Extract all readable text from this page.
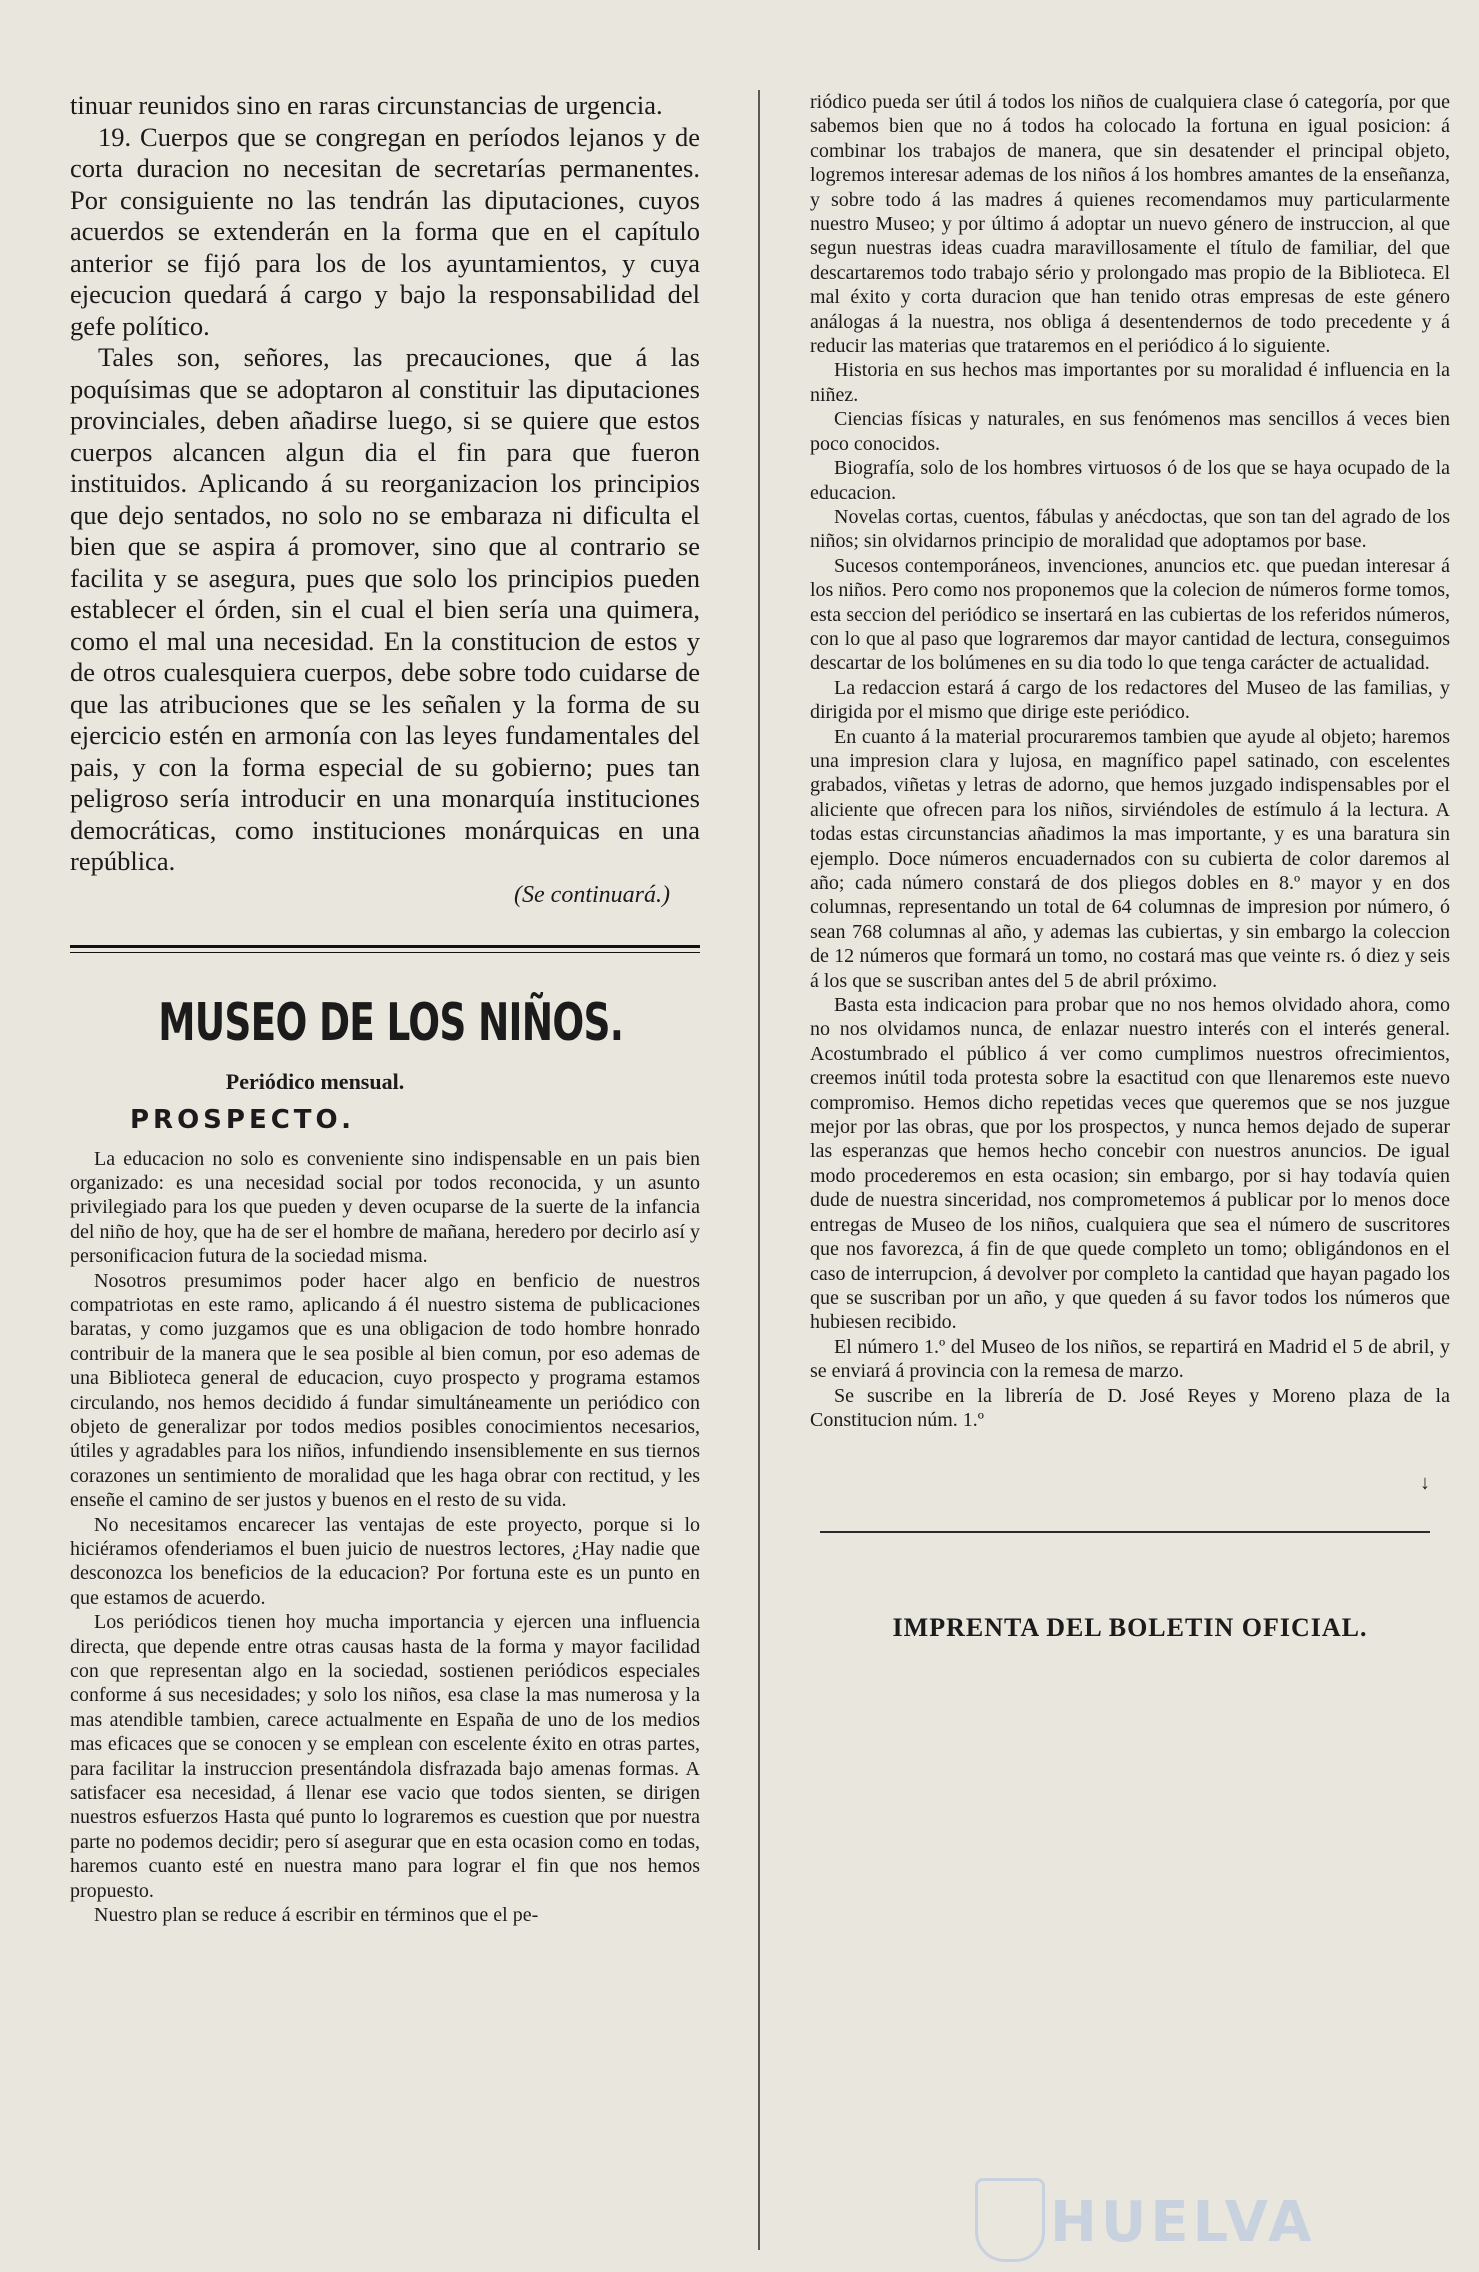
tinuar reunidos sino en raras circunstancias de urgencia.

19. Cuerpos que se congregan en períodos lejanos y de corta duracion no necesitan de secretarías permanentes. Por consiguiente no las tendrán las diputaciones, cuyos acuerdos se extenderán en la forma que en el capítulo anterior se fijó para los de los ayuntamientos, y cuya ejecucion quedará á cargo y bajo la responsabilidad del gefe político.

Tales son, señores, las precauciones, que á las poquísimas que se adoptaron al constituir las diputaciones provinciales, deben añadirse luego, si se quiere que estos cuerpos alcancen algun dia el fin para que fueron instituidos. Aplicando á su reorganizacion los principios que dejo sentados, no solo no se embaraza ni dificulta el bien que se aspira á promover, sino que al contrario se facilita y se asegura, pues que solo los principios pueden establecer el órden, sin el cual el bien sería una quimera, como el mal una necesidad. En la constitucion de estos y de otros cualesquiera cuerpos, debe sobre todo cuidarse de que las atribuciones que se les señalen y la forma de su ejercicio estén en armonía con las leyes fundamentales del pais, y con la forma especial de su gobierno; pues tan peligroso sería introducir en una monarquía instituciones democráticas, como instituciones monárquicas en una república.

(Se continuará.)
MUSEO DE LOS NIÑOS.
Periódico mensual.
PROSPECTO.

La educacion no solo es conveniente sino indispensable en un pais bien organizado: es una necesidad social por todos reconocida, y un asunto privilegiado para los que pueden y deven ocuparse de la suerte de la infancia del niño de hoy, que ha de ser el hombre de mañana, heredero por decirlo así y personificacion futura de la sociedad misma.

Nosotros presumimos poder hacer algo en benficio de nuestros compatriotas en este ramo, aplicando á él nuestro sistema de publicaciones baratas, y como juzgamos que es una obligacion de todo hombre honrado contribuir de la manera que le sea posible al bien comun, por eso ademas de una Biblioteca general de educacion, cuyo prospecto y programa estamos circulando, nos hemos decidido á fundar simultáneamente un periódico con objeto de generalizar por todos medios posibles conocimientos necesarios, útiles y agradables para los niños, infundiendo insensiblemente en sus tiernos corazones un sentimiento de moralidad que les haga obrar con rectitud, y les enseñe el camino de ser justos y buenos en el resto de su vida.

No necesitamos encarecer las ventajas de este proyecto, porque si lo hiciéramos ofenderiamos el buen juicio de nuestros lectores, ¿Hay nadie que desconozca los beneficios de la educacion? Por fortuna este es un punto en que estamos de acuerdo.

Los periódicos tienen hoy mucha importancia y ejercen una influencia directa, que depende entre otras causas hasta de la forma y mayor facilidad con que representan algo en la sociedad, sostienen periódicos especiales conforme á sus necesidades; y solo los niños, esa clase la mas numerosa y la mas atendible tambien, carece actualmente en España de uno de los medios mas eficaces que se conocen y se emplean con escelente éxito en otras partes, para facilitar la instruccion presentándola disfrazada bajo amenas formas. A satisfacer esa necesidad, á llenar ese vacio que todos sienten, se dirigen nuestros esfuerzos Hasta qué punto lo lograremos es cuestion que por nuestra parte no podemos decidir; pero sí asegurar que en esta ocasion como en todas, haremos cuanto esté en nuestra mano para lograr el fin que nos hemos propuesto.

Nuestro plan se reduce á escribir en términos que el pe-

riódico pueda ser útil á todos los niños de cualquiera clase ó categoría, por que sabemos bien que no á todos ha colocado la fortuna en igual posicion: á combinar los trabajos de manera, que sin desatender el principal objeto, logremos interesar ademas de los niños á los hombres amantes de la enseñanza, y sobre todo á las madres á quienes recomendamos muy particularmente nuestro Museo; y por último á adoptar un nuevo género de instruccion, al que segun nuestras ideas cuadra maravillosamente el título de familiar, del que descartaremos todo trabajo sério y prolongado mas propio de la Biblioteca. El mal éxito y corta duracion que han tenido otras empresas de este género análogas á la nuestra, nos obliga á desentendernos de todo precedente y á reducir las materias que trataremos en el periódico á lo siguiente.

Historia en sus hechos mas importantes por su moralidad é influencia en la niñez.

Ciencias físicas y naturales, en sus fenómenos mas sencillos á veces bien poco conocidos.

Biografía, solo de los hombres virtuosos ó de los que se haya ocupado de la educacion.

Novelas cortas, cuentos, fábulas y anécdoctas, que son tan del agrado de los niños; sin olvidarnos principio de moralidad que adoptamos por base.

Sucesos contemporáneos, invenciones, anuncios etc. que puedan interesar á los niños. Pero como nos proponemos que la colecion de números forme tomos, esta seccion del periódico se insertará en las cubiertas de los referidos números, con lo que al paso que lograremos dar mayor cantidad de lectura, conseguimos descartar de los bolúmenes en su dia todo lo que tenga carácter de actualidad.

La redaccion estará á cargo de los redactores del Museo de las familias, y dirigida por el mismo que dirige este periódico.

En cuanto á la material procuraremos tambien que ayude al objeto; haremos una impresion clara y lujosa, en magnífico papel satinado, con escelentes grabados, viñetas y letras de adorno, que hemos juzgado indispensables por el aliciente que ofrecen para los niños, sirviéndoles de estímulo á la lectura. A todas estas circunstancias añadimos la mas importante, y es una baratura sin ejemplo. Doce números encuadernados con su cubierta de color daremos al año; cada número constará de dos pliegos dobles en 8.º mayor y en dos columnas, representando un total de 64 columnas de impresion por número, ó sean 768 columnas al año, y ademas las cubiertas, y sin embargo la coleccion de 12 números que formará un tomo, no costará mas que veinte rs. ó diez y seis á los que se suscriban antes del 5 de abril próximo.

Basta esta indicacion para probar que no nos hemos olvidado ahora, como no nos olvidamos nunca, de enlazar nuestro interés con el interés general. Acostumbrado el público á ver como cumplimos nuestros ofrecimientos, creemos inútil toda protesta sobre la esactitud con que llenaremos este nuevo compromiso. Hemos dicho repetidas veces que queremos que se nos juzgue mejor por las obras, que por los prospectos, y nunca hemos dejado de superar las esperanzas que hemos hecho concebir con nuestros anuncios. De igual modo procederemos en esta ocasion; sin embargo, por si hay todavía quien dude de nuestra sinceridad, nos comprometemos á publicar por lo menos doce entregas de Museo de los niños, cualquiera que sea el número de suscritores que nos favorezca, á fin de que quede completo un tomo; obligándonos en el caso de interrupcion, á devolver por completo la cantidad que hayan pagado los que se suscriban por un año, y que queden á su favor todos los números que hubiesen recibido.

El número 1.º del Museo de los niños, se repartirá en Madrid el 5 de abril, y se enviará á provincia con la remesa de marzo.

Se suscribe en la librería de D. José Reyes y Moreno plaza de la Constitucion núm. 1.º

↓
IMPRENTA DEL BOLETIN OFICIAL.
HUELVA
